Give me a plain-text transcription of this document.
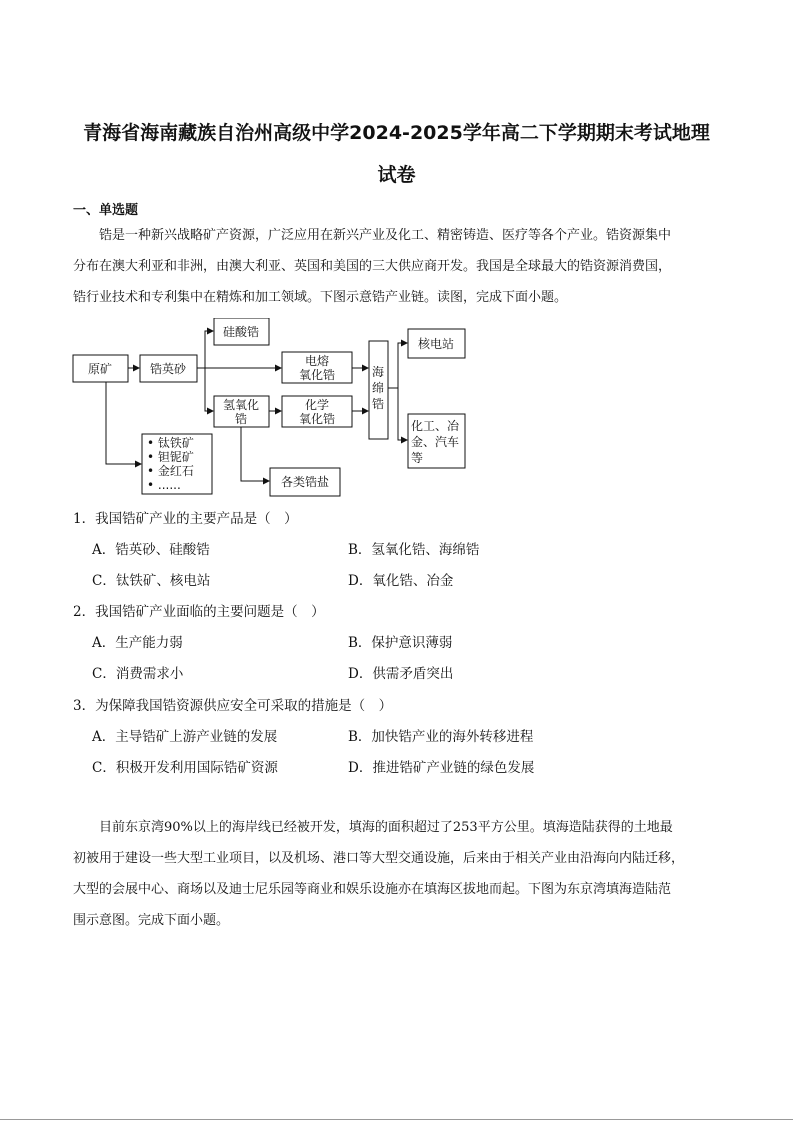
青海省海南藏族自治州高级中学2024-2025学年高二下学期期末考试地理
试卷
一、单选题
锆是一种新兴战略矿产资源，广泛应用在新兴产业及化工、精密铸造、医疗等各个产业。锆资源集中
分布在澳大利亚和非洲，由澳大利亚、英国和美国的三大供应商开发。我国是全球最大的锆资源消费国，
锆行业技术和专利集中在精炼和加工领域。下图示意锆产业链。读图，完成下面小题。
原矿	锆英砂
硅酸锆
电熔
氧化锆
氢氧化
锆
化学
氧化锆
海
绵
锆
核电站
化工、冶
金、汽车
等
各类锆盐
• 钛铁矿
• 钽铌矿
• 金红石
• ......
1．我国锆矿产业的主要产品是（　）
A．锆英砂、硅酸锆	B．氢氧化锆、海绵锆
C．钛铁矿、核电站	D．氧化锆、冶金
2．我国锆矿产业面临的主要问题是（　）
A．生产能力弱	B．保护意识薄弱
C．消费需求小	D．供需矛盾突出
3．为保障我国锆资源供应安全可采取的措施是（　）
A．主导锆矿上游产业链的发展	B．加快锆产业的海外转移进程
C．积极开发利用国际锆矿资源	D．推进锆矿产业链的绿色发展
目前东京湾90%以上的海岸线已经被开发，填海的面积超过了253平方公里。填海造陆获得的土地最
初被用于建设一些大型工业项目，以及机场、港口等大型交通设施，后来由于相关产业由沿海向内陆迁移，
大型的会展中心、商场以及迪士尼乐园等商业和娱乐设施亦在填海区拔地而起。下图为东京湾填海造陆范
围示意图。完成下面小题。
